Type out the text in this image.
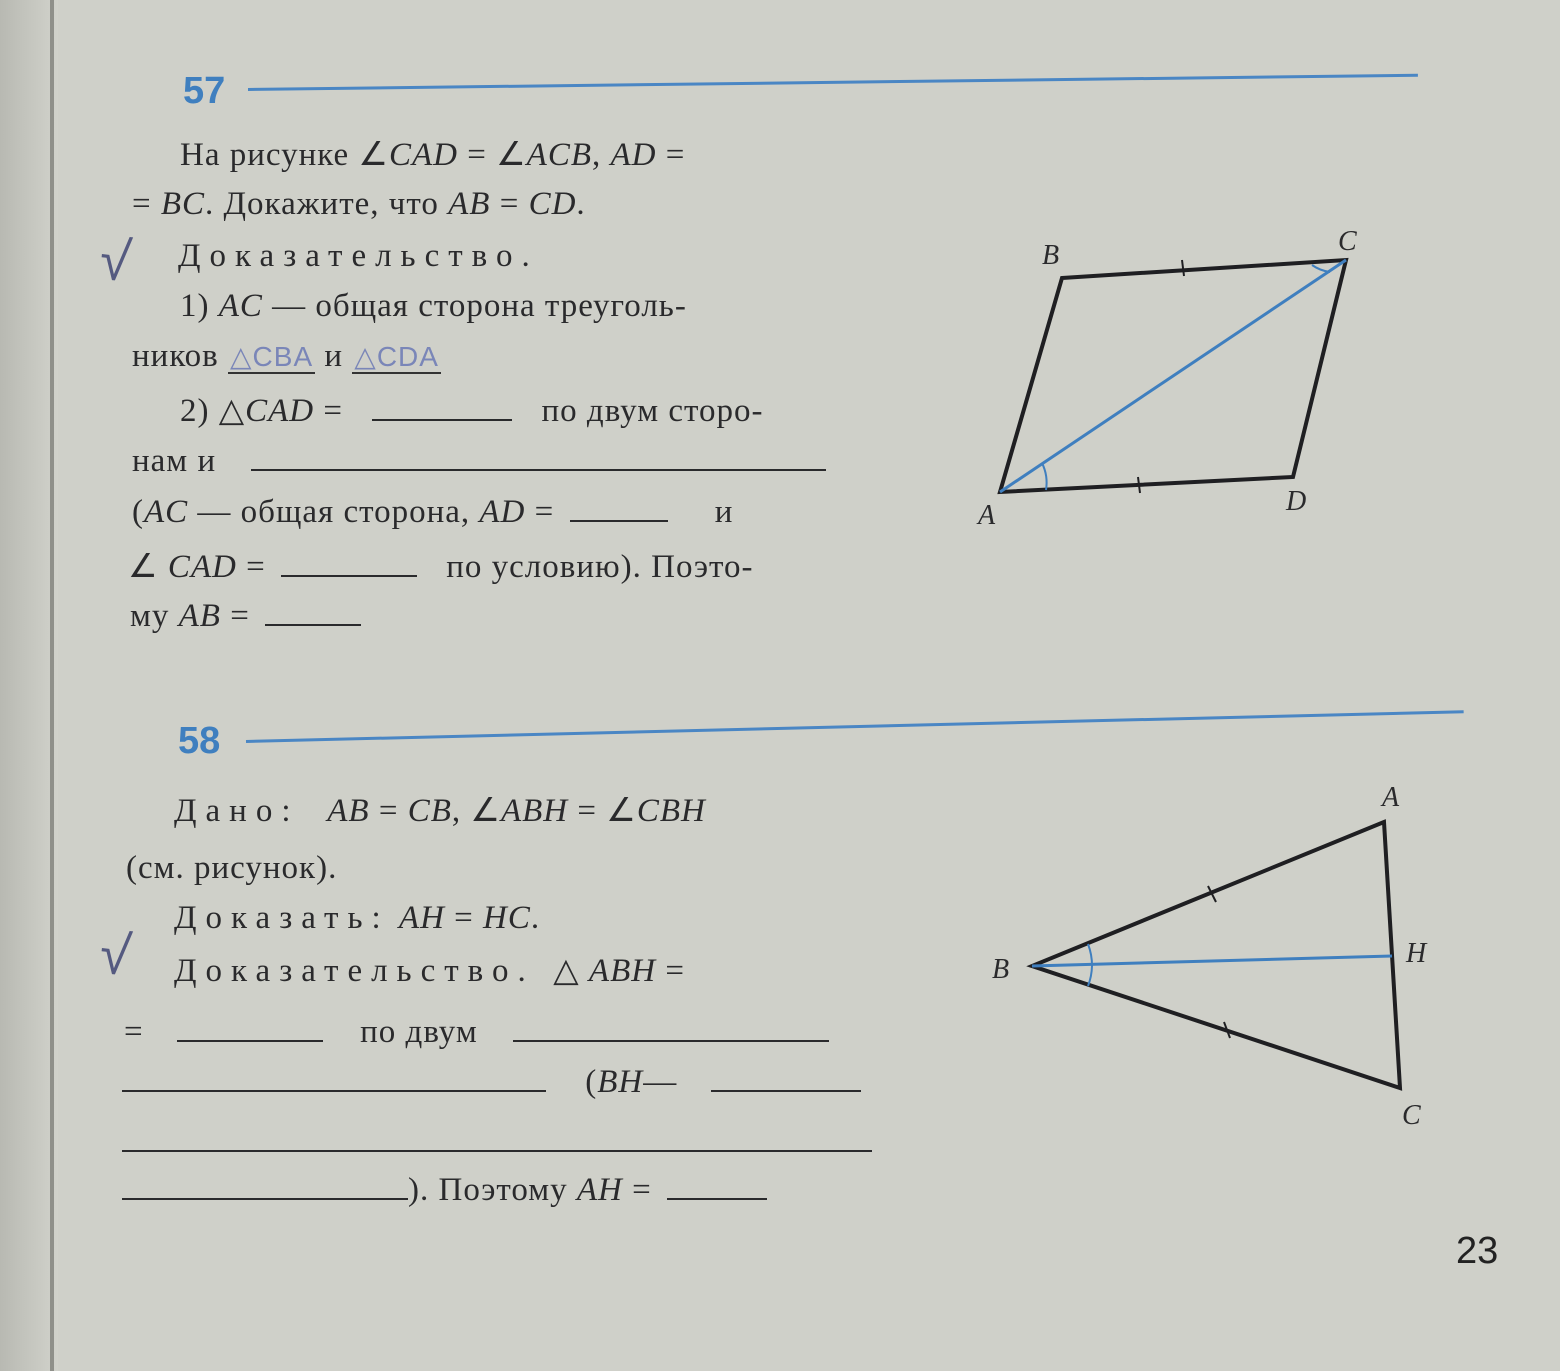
57
На рисунке ∠CAD = ∠ACB, AD =
= BC. Докажите, что AB = CD.
√ Доказательство.
1) AC — общая сторона треуголь-
ников △CBA и △CDA
2) △CAD =	по двум сторо-
нам и
(AC — общая сторона, AD =	и
∠ CAD =	по условию). Поэто-
му AB =
B	C
A	D
58
Дано: AB = CB, ∠ABH = ∠CBH
(см. рисунок).
Доказать: AH = HC.
√ Доказательство. △ ABH =
=	по двум
(BH—
). Поэтому AH =
A
H
B
C
23
